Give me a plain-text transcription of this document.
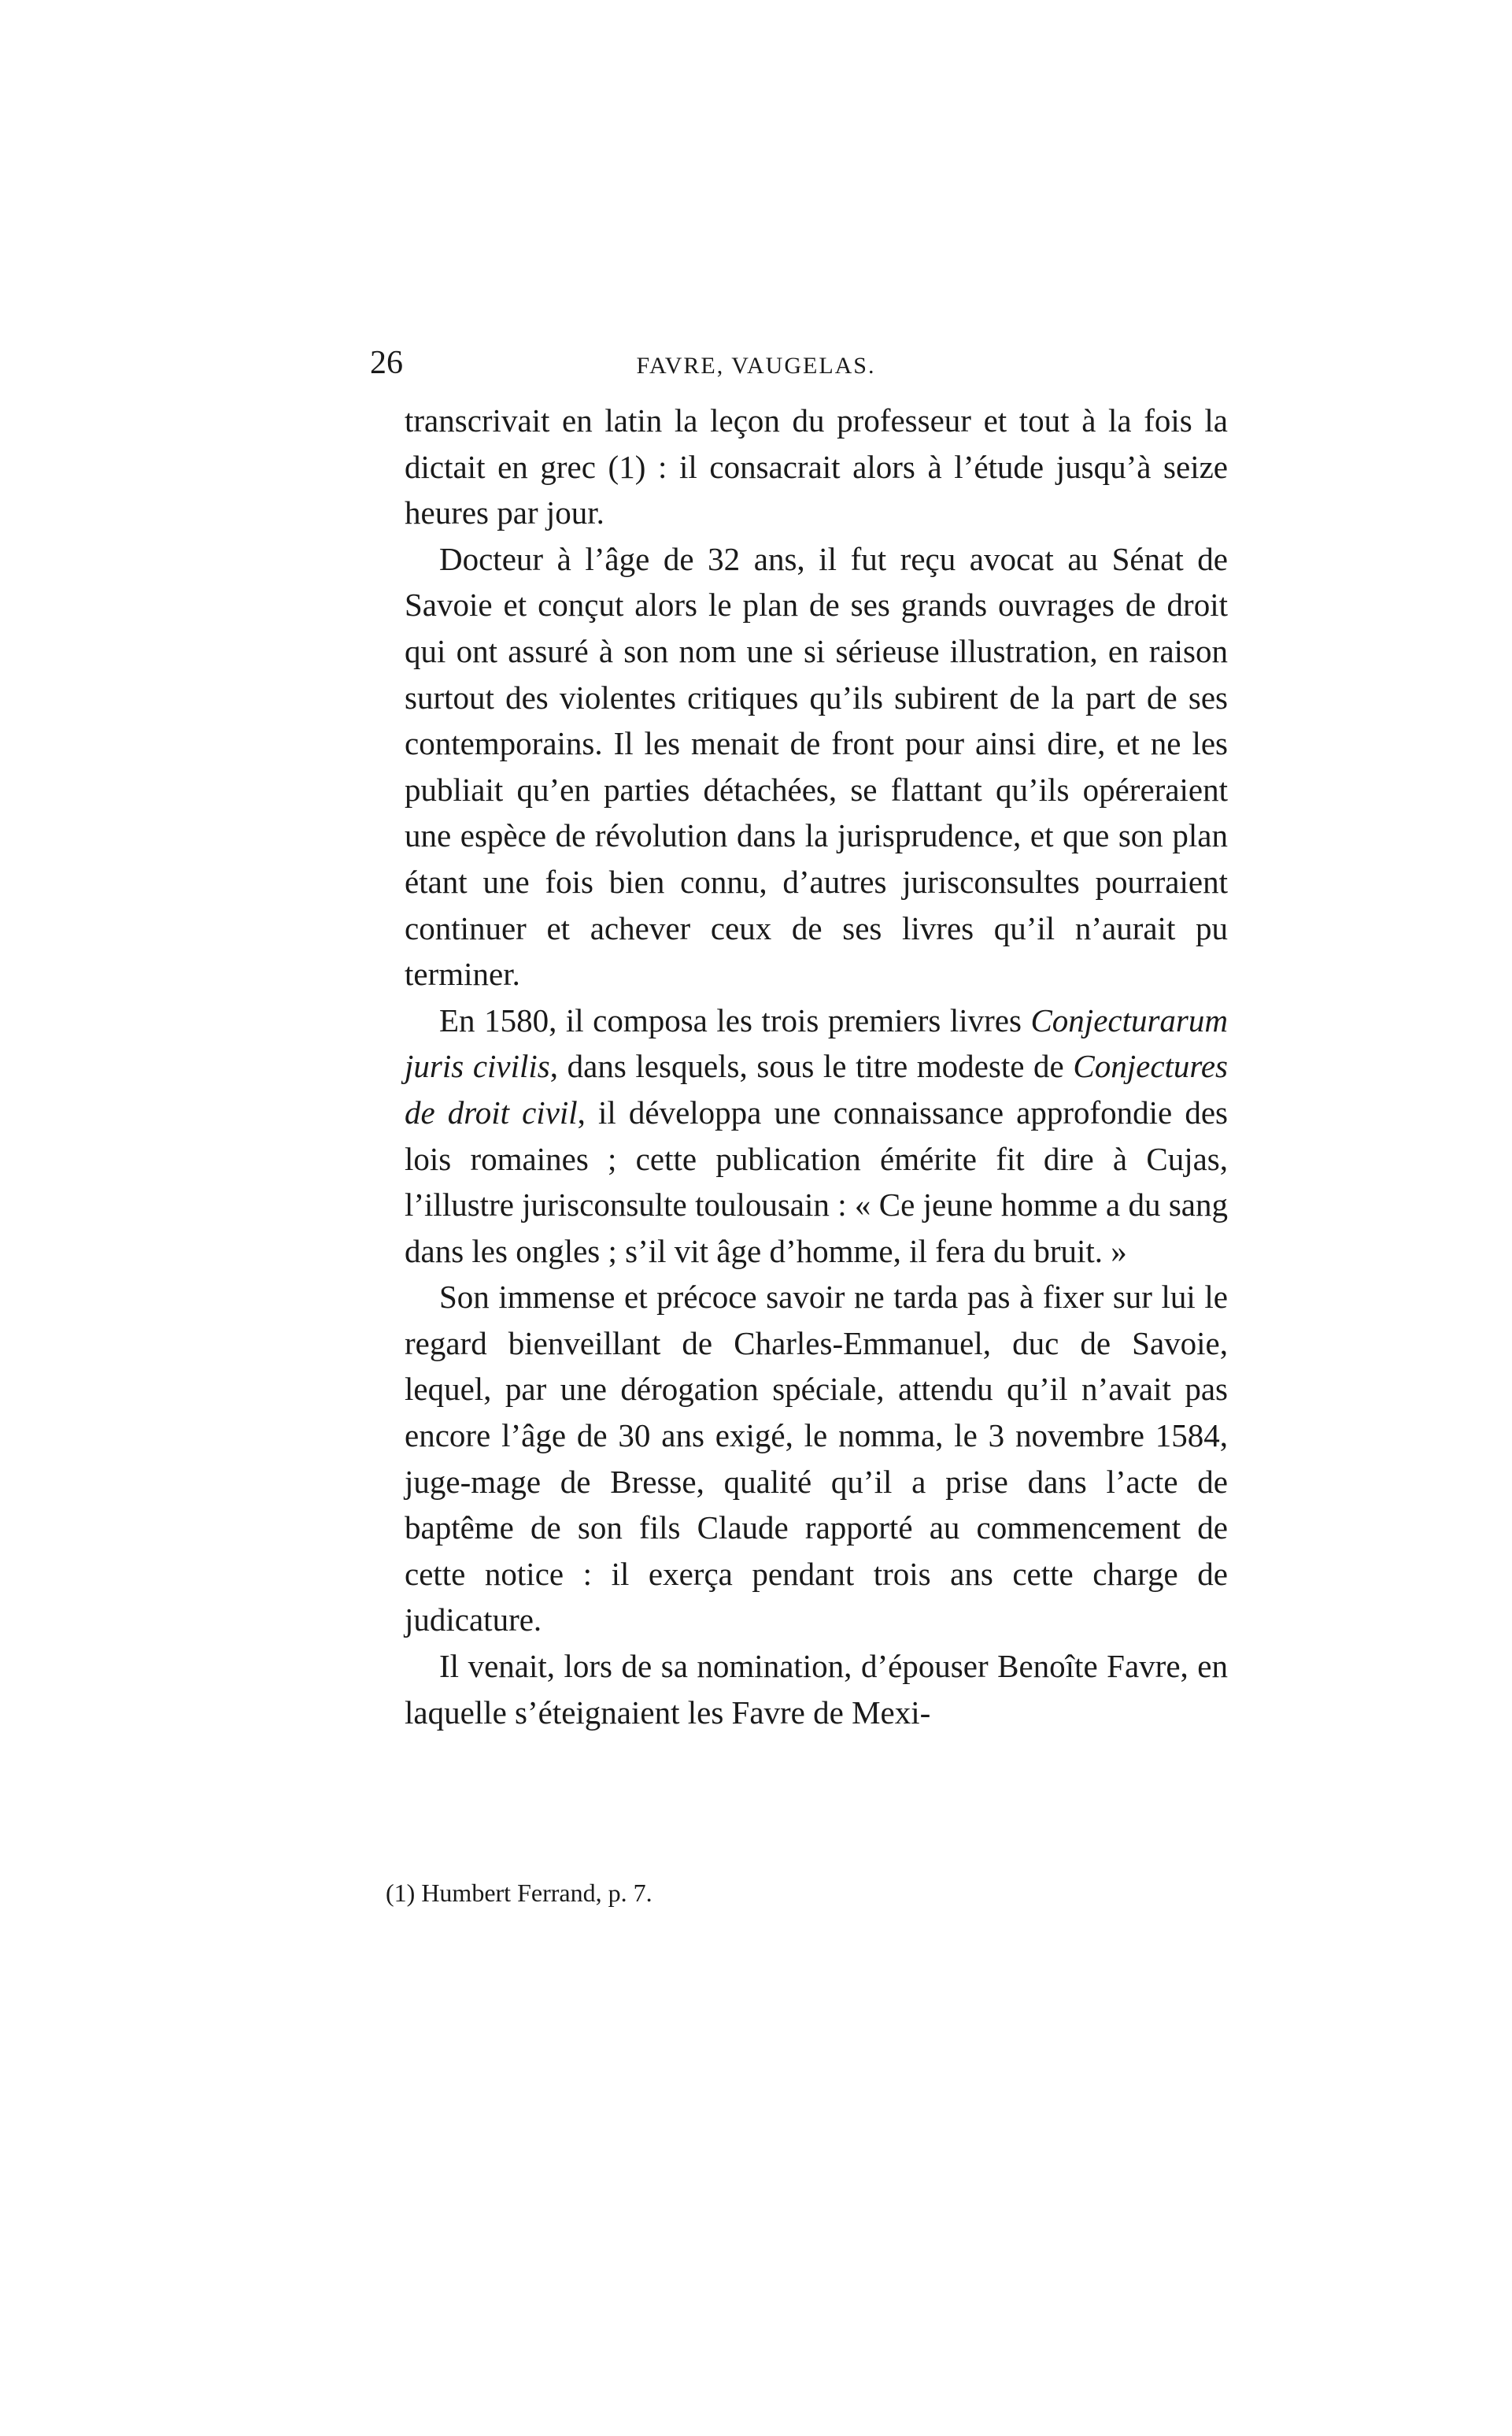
26	FAVRE, VAUGELAS.

transcrivait en latin la leçon du professeur et tout à la fois la dictait en grec (1) : il consacrait alors à l’étude jusqu’à seize heures par jour.

Docteur à l’âge de 32 ans, il fut reçu avocat au Sénat de Savoie et conçut alors le plan de ses grands ouvrages de droit qui ont assuré à son nom une si sérieuse illustration, en raison surtout des violentes critiques qu’ils subirent de la part de ses contemporains. Il les menait de front pour ainsi dire, et ne les publiait qu’en parties détachées, se flattant qu’ils opéreraient une espèce de révolution dans la jurisprudence, et que son plan étant une fois bien connu, d’autres jurisconsultes pourraient continuer et achever ceux de ses livres qu’il n’aurait pu terminer.

En 1580, il composa les trois premiers livres Conjecturarum juris civilis, dans lesquels, sous le titre modeste de Conjectures de droit civil, il développa une connaissance approfondie des lois romaines ; cette publication émérite fit dire à Cujas, l’illustre jurisconsulte toulousain : « Ce jeune homme a du sang dans les ongles ; s’il vit âge d’homme, il fera du bruit. »

Son immense et précoce savoir ne tarda pas à fixer sur lui le regard bienveillant de Charles-Emmanuel, duc de Savoie, lequel, par une dérogation spéciale, attendu qu’il n’avait pas encore l’âge de 30 ans exigé, le nomma, le 3 novembre 1584, juge-mage de Bresse, qualité qu’il a prise dans l’acte de baptême de son fils Claude rapporté au commencement de cette notice : il exerça pendant trois ans cette charge de judicature.

Il venait, lors de sa nomination, d’épouser Benoîte Favre, en laquelle s’éteignaient les Favre de Mexi-

(1) Humbert Ferrand, p. 7.
